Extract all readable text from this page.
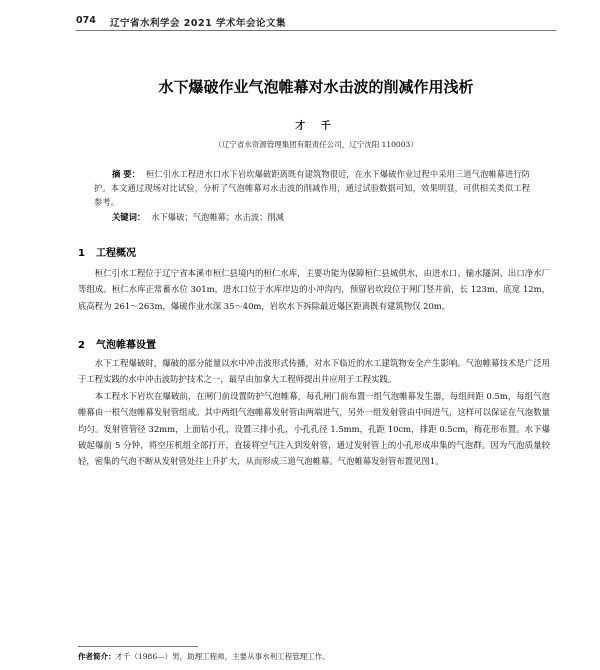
074 辽宁省水利学会 2021 学术年会论文集
水下爆破作业气泡帷幕对水击波的削减作用浅析
才 千
（辽宁省水资源管理集团有限责任公司，辽宁沈阳 110003）

摘 要： 桓仁引水工程进水口水下岩坎爆破距离既有建筑物很近，在水下爆破作业过程中采用三道气泡帷幕进行防护。本文通过现场对比试验，分析了气泡帷幕对水击波的削减作用，通过试验数据可知，效果明显，可供相关类似工程参考。

关键词： 水下爆破；气泡帷幕；水击波；削减

1 工程概况

桓仁引水工程位于辽宁省本溪市桓仁县境内的桓仁水库，主要功能为保障桓仁县城供水，由进水口、输水隧洞、出口净水厂等组成。桓仁水库正常蓄水位 301m，进水口位于水库岸边的小冲沟内，预留岩坎段位于闸门竖井前，长 123m，底宽 12m，底高程为 261～263m，爆破作业水深 35～40m，岩坎水下拆除最近爆区距离既有建筑物仅 20m。

2 气泡帷幕设置

水下工程爆破时，爆破的部分能量以水中冲击波形式传播，对水下临近的水工建筑物安全产生影响。气泡帷幕技术是广泛用于工程实践的水中冲击波防护技术之一，最早由加拿大工程师提出并应用于工程实践。

本工程水下岩坎在爆破前，在闸门前设置防护气泡帷幕，每孔闸门前布置一组气泡帷幕发生器，每组间距 0.5m，每组气泡帷幕由一根气泡帷幕发射管组成。其中两组气泡帷幕发射管由两端进气，另外一组发射管由中间进气，这样可以保证在气泡数量均匀。发射管管径 32mm，上面钻小孔，设置三排小孔，小孔孔径 1.5mm，孔距 10cm，排距 0.5cm，梅花形布置。水下爆破起爆前 5 分钟，将空压机组全部打开，直接将空气注入到发射管，通过发射管上的小孔形成串集的气泡群。因为气泡质量较轻，密集的气泡不断从发射管处往上升扩大，从而形成三道气泡帷幕。气泡帷幕发射管布置见图1。

作者简介：才千（1986—）男，助理工程师，主要从事水利工程管理工作。
